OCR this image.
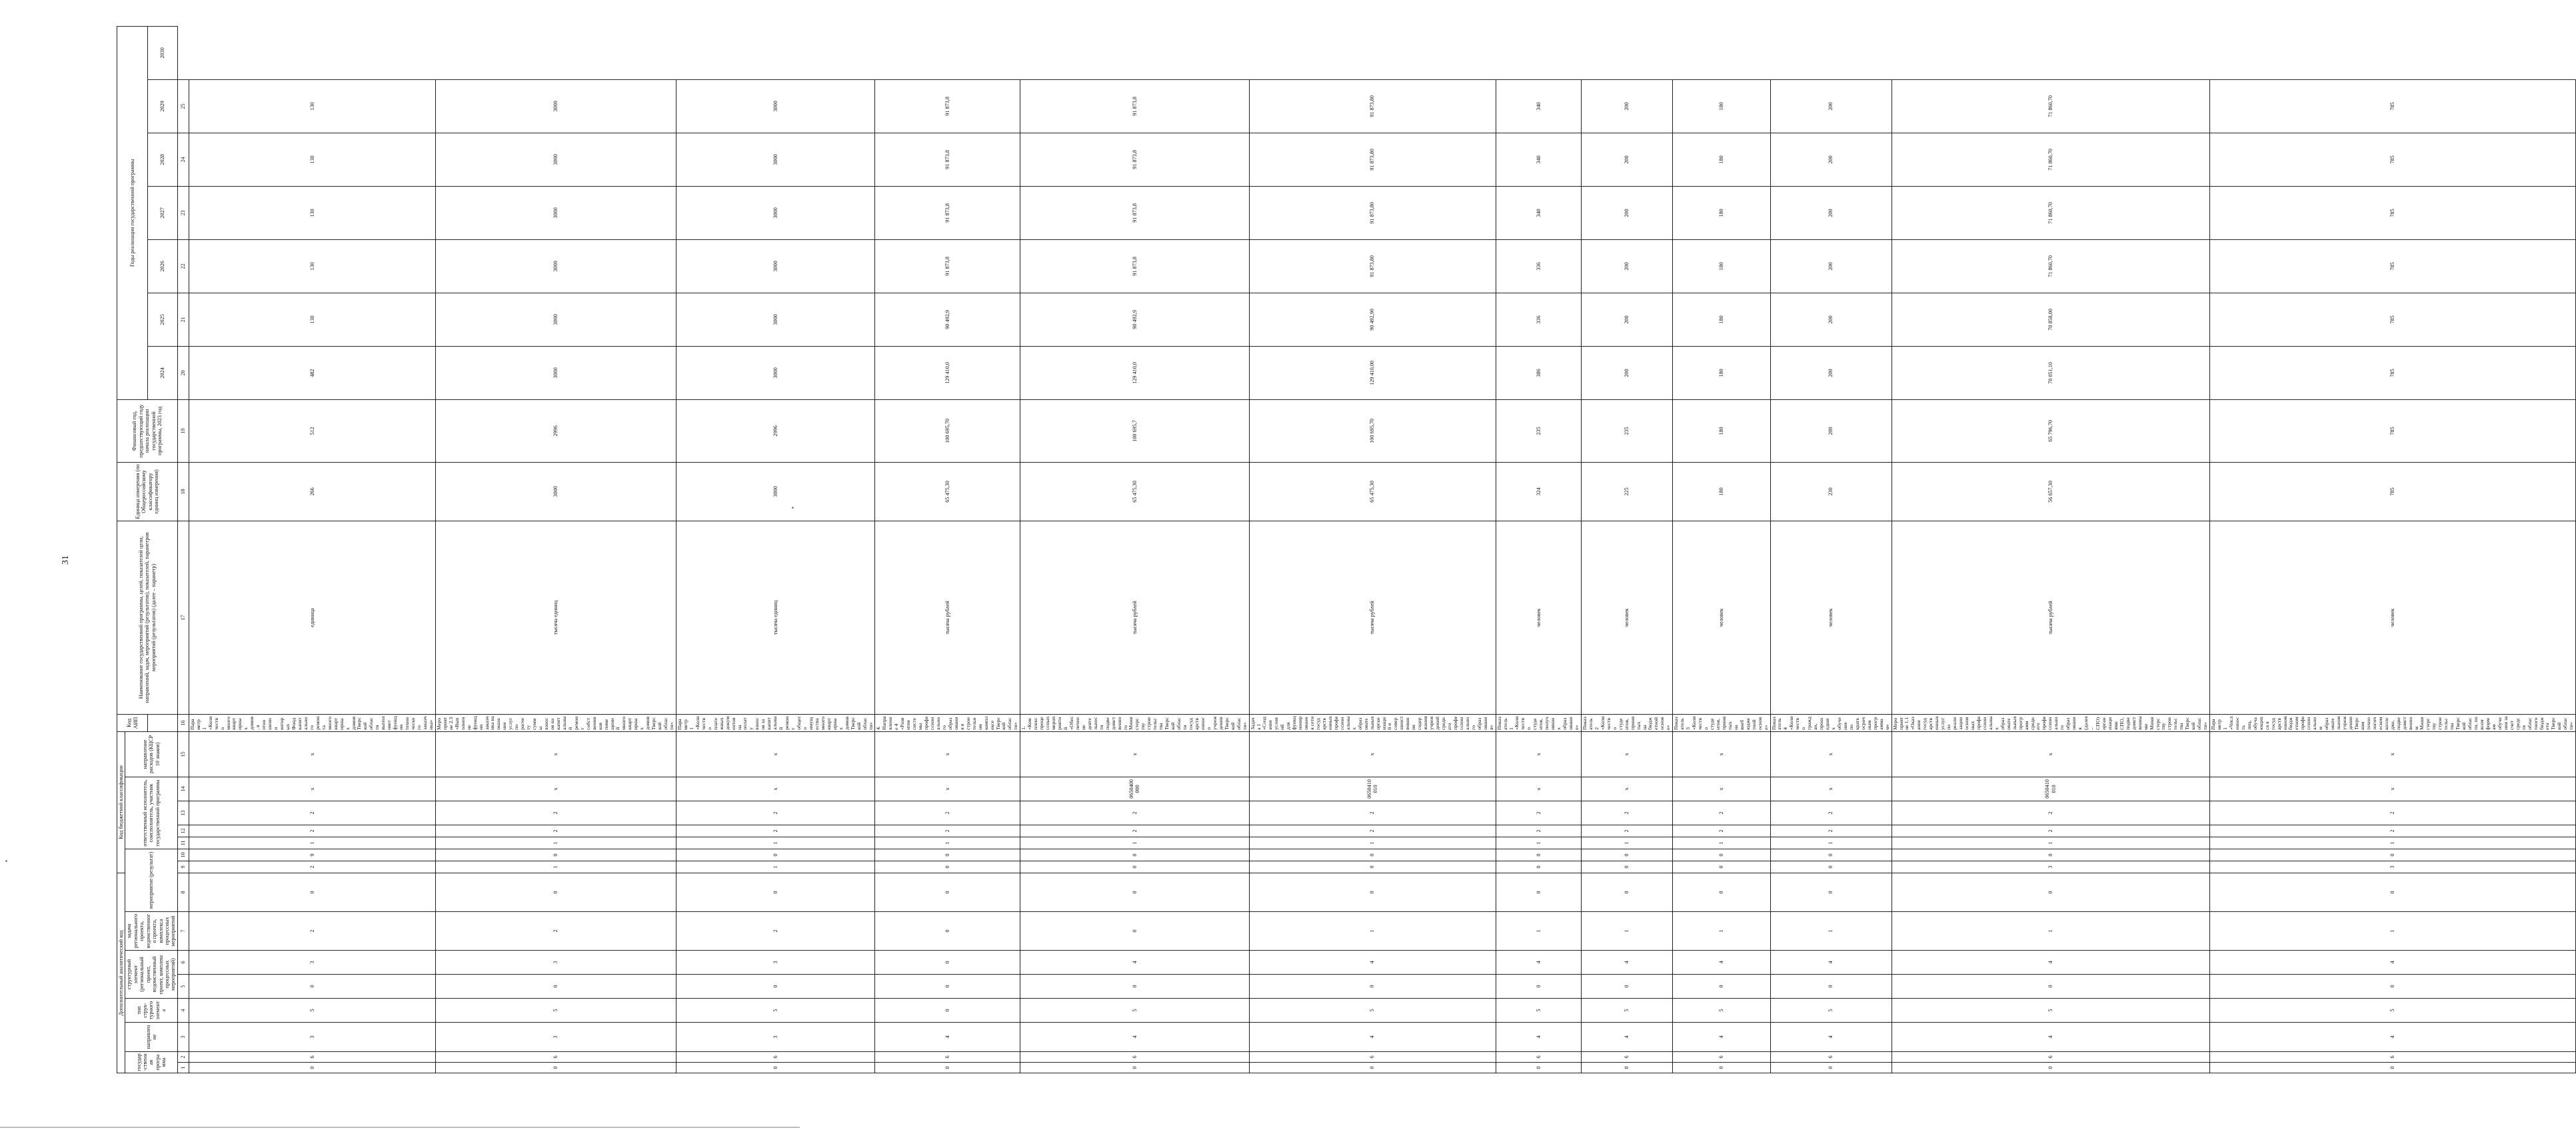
31
Дополнительный аналитический код								Код бюджетной классификации							Код АИП	Наименование государственной программы, целей, показателей цели, направлений, задач, мероприятий (результатов), показателей, параметров мероприятий (результатов) (далее – параметр)	Единица измерения (по Общероссийскому классификатору единиц измерения)	Финансовый год, предшествующий году начала реализации государственной программы, 2023 год	Годы реализации государственной программы						
государ-ственная программа		направление	тип струк-турного элемента	структурный элемент (региональный проект, ведомственный проект, комплекс процессных мероприятий)		задача регионального проекта, ведомственного проекта, комплекса процессных мероприятий	мероприятие (результат)			ответственный исполнитель, соисполнитель, участник государственной программы				направление расходов (КЦСР 10 знаков)											
																			2024	2025	2026	2027	2028	2029	2030
1	2	3	4	5	6	7	8	9	10	11	12	13	14	15	16	17	18	19	20	21	22	23	24	25	
0	6	3	5	0	3	2	0	2	9	1	2	2	x	x	Параметр 1 «Количество многоквартирных домов, в отношении которых Фонд капитального ремонта многоквартирных домов Тверской области выполняет функции технического заказчика»	единица	266	512	482	130	130	130	130	130	
0	6	3	5	0	3	2	0	1	0	1	2	2	x	x	Мероприятие 2.3 «Выполнение функции заказчика на оказание услуг по расчету суммы взносов на капитальный ремонт собственников помещений многоквартирных домов Тверской области»	тысяча единиц	3000	2996	3000	3000	3000	3000	3000	3000	
0	6	3	5	0	3	2	0	1	0	1	2	2	x	x	Параметр 1 «Количество платежных документов на оплату взносов за капитальный ремонт общего имущества многоквартирных домов Тверской области»	тысяча единиц	3000	2996	3000	3000	3000	3000	3000	3000	
0	6	4	0	0	0	0	0	0	0	1	2	2	x	x	4. Направление 4 «Развитие системы профессионального образования в строительном комплексе Тверской области»	тысяча рублей	65 475,30	100 695,70	129 410,0	90 492,9	91 873,8	91 873,8	91 873,8	91 873,8	
0	6	4	5	0	4	0	0	0	0	1	2	2	0650400000	x	1. «Комплекс процессных мероприятий «Обеспечение деятельности подведомственного Министерству строительства Тверской области государственного учреждения Тверской области»	тысяча рублей	65 475,30	100 695,7	129 410,0	90 492,9	91 873,8	91 873,8	91 873,8	91 873,8	
0	6	4	5	0	4	1	0	0	0	1	2	2	0650410010	x	Задача 1 «Создание условий для функционирования сети государственных профессиональных образовательных организаций и совершенствования содержания учреждений среднего профессионального образования»	тысяча рублей	65 475,30	100 695,70	129 410,00	90 492,90	91 873,80	91 873,80	91 873,80	91 873,80	
0	6	4	5	0	4	1	0	0	0	1	2	2	x	x	Показатель 1 «Количество студентов, получивших образование»	человек	324	235	386	336	336	340	340	340	
0	6	4	5	0	4	1	0	0	0	1	2	2	x	x	Показатель 2 «Количество студентов, принятых на бюджетной основе»	человек	225	235	200	200	200	200	200	200	
0	6	4	5	0	4	1	0	0	0	1	2	2	x	x	Показатель 3 «Количество студентов, принятых на внебюджетной основе»	человек	180	180	180	180	180	180	180	180	
0	6	4	5	0	4	1	0	0	0	1	2	2	x	x	Показатель 4 «Количество граждан, прошедших обучение по краткосрочным программам»	человек	230	200	200	200	200	200	200	200	
0	6	4	5	0	4	1	0	3	0	1	2	2	0650410010	x	Мероприятие 1.1 «Оказание государственных услуг по реализации основных профессиональных образовательных программ среднего профессионального образования (далее – СПО) организациями СПО, подведомственными Министерству строительства Тверской области»	тысяча рублей	56 657,30	65 796,70	70 051,10	70 858,00	71 860,70	71 860,70	71 860,70	71 860,70	
0	6	4	5	0	4	1	0	3	0	1	2	2	x	x	Параметр 1 «Численность лиц, обучающихся в государственном бюджетном профессиональном образовательном учреждении Тверском технологическом колледже, подведомственном Министерству строительства Тверской области, по всем формам обучения за счет средств областного бюджета Тверской области»	человек	785	785	785	785	785	785	785	785	
